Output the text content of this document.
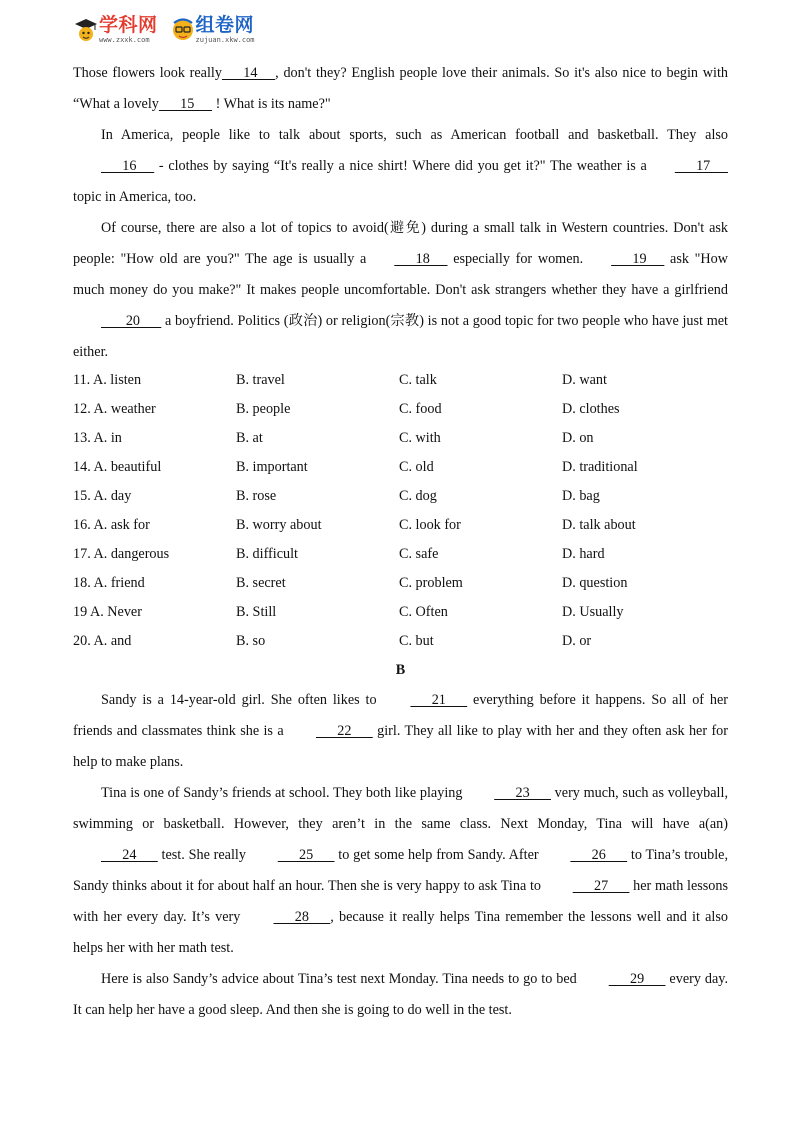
学科网
www.zxxk.com
组卷网
zujuan.xkw.com

Those flowers look really      14     , don't they? English people love their animals. So it's also nice to begin with “What a lovely      15      ! What is its name?"

In America, people like to talk about sports, such as American football and basketball. They also       16      - clothes by saying “It's really a nice shirt! Where did you get it?" The weather is a      17      topic in America, too.

Of course, there are also a lot of topics to avoid(避免) during a small talk in Western countries. Don't ask people: "How old are you?" The age is usually a      18      especially for women.      19      ask "How much money do you make?" It makes people uncomfortable. Don't ask strangers whether they have a girlfriend        20       a boyfriend. Politics (政治) or religion(宗教) is not a good topic for two people who have just met either.

11. A. listen	B. travel	C. talk	D. want
12. A. weather	B. people	C. food	D. clothes
13. A. in	B. at	C. with	D. on
14. A. beautiful	B. important	C. old	D. traditional
15. A. day	B. rose	C. dog	D. bag
16. A. ask for	B. worry about	C. look for	D. talk about
17. A. dangerous	B. difficult	C. safe	D. hard
18. A. friend	B. secret	C. problem	D. question
19 A. Never	B. Still	C. Often	D. Usually
20. A. and	B. so	C. but	D. or
B

Sandy is a 14-year-old girl. She often likes to       21       everything before it happens. So all of her friends and classmates think she is a       22       girl. They all like to play with her and they often ask her for help to make plans.

Tina is one of Sandy’s friends at school. They both like playing       23       very much, such as volleyball, swimming or basketball. However, they aren’t in the same class. Next Monday, Tina will have a(an)       24       test. She really       25       to get some help from Sandy. After       26       to Tina’s trouble, Sandy thinks about it for about half an hour. Then she is very happy to ask Tina to       27       her math lessons with her every day. It’s very       28      , because it really helps Tina remember the lessons well and it also helps her with her math test.

Here is also Sandy’s advice about Tina’s test next Monday. Tina needs to go to bed       29       every day. It can help her have a good sleep. And then she is going to do well in the test.
